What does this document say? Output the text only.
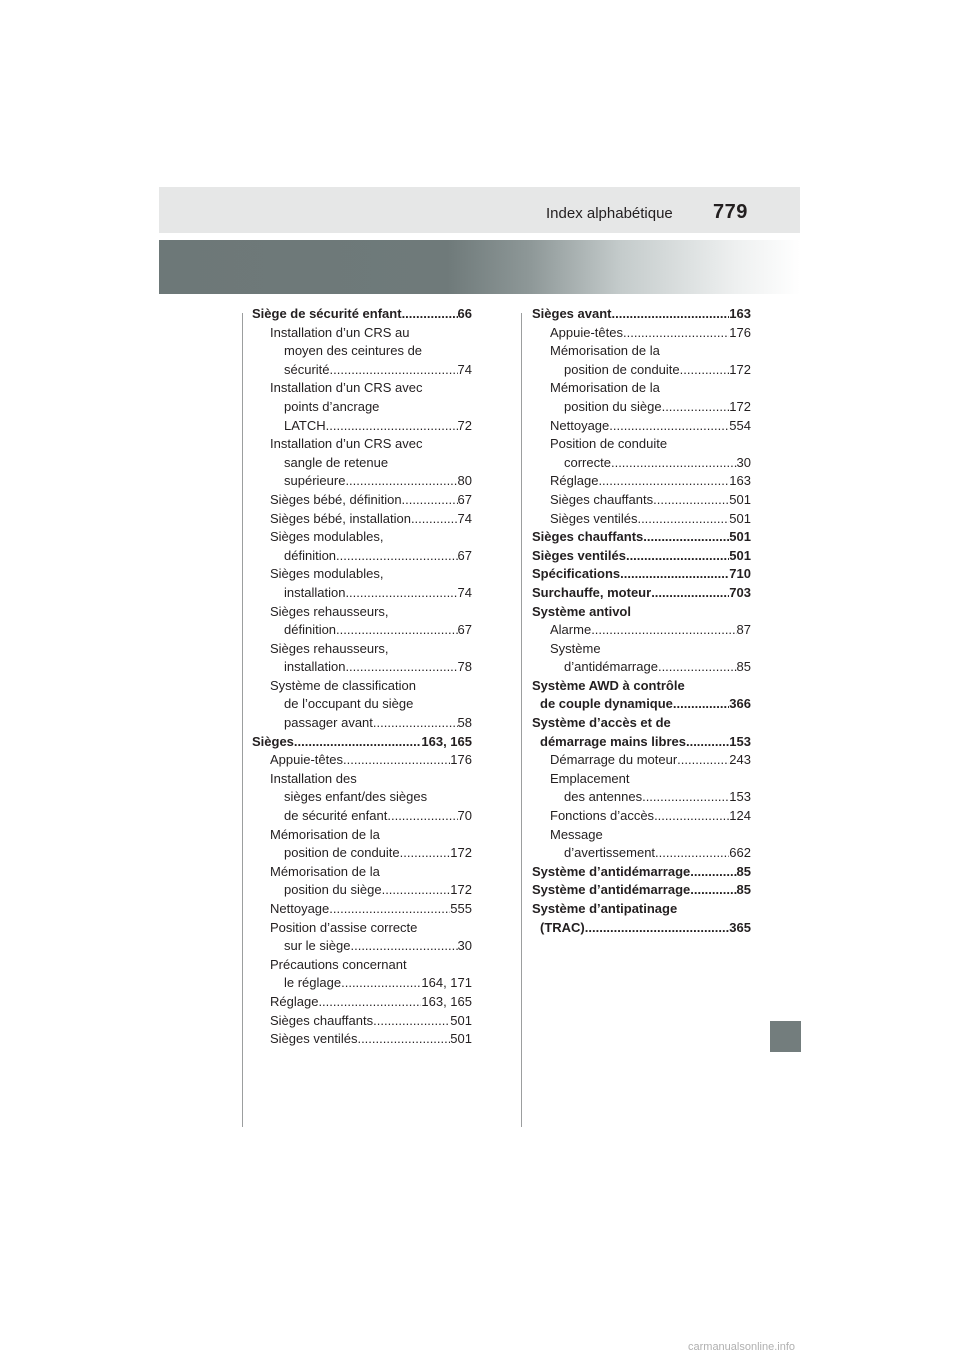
Index alphabétique 779
Siège de sécurité enfant .....	66
Installation d’un CRS au
moyen des ceintures de
sécurité .....	74
Installation d’un CRS avec
points d’ancrage
LATCH .....	72
Installation d’un CRS avec
sangle de retenue
supérieure .....	80
Sièges bébé, définition .....	67
Sièges bébé, installation .....	74
Sièges modulables,
définition .....	67
Sièges modulables,
installation .....	74
Sièges rehausseurs,
définition .....	67
Sièges rehausseurs,
installation .....	78
Système de classification
de l’occupant du siège
passager avant .....	58
Sièges .....	163, 165
Appuie-têtes .....	176
Installation des
sièges enfant/des sièges
de sécurité enfant .....	70
Mémorisation de la
position de conduite .....	172
Mémorisation de la
position du siège .....	172
Nettoyage .....	555
Position d’assise correcte
sur le siège .....	30
Précautions concernant
le réglage .....	164, 171
Réglage .....	163, 165
Sièges chauffants .....	501
Sièges ventilés .....	501
Sièges avant .....	163
Appuie-têtes .....	176
Mémorisation de la
position de conduite .....	172
Mémorisation de la
position du siège .....	172
Nettoyage .....	554
Position de conduite
correcte .....	30
Réglage .....	163
Sièges chauffants .....	501
Sièges ventilés .....	501
Sièges chauffants .....	501
Sièges ventilés .....	501
Spécifications .....	710
Surchauffe, moteur .....	703
Système antivol
Alarme .....	87
Système
d’antidémarrage .....	85
Système AWD à contrôle
de couple dynamique .....	366
Système d’accès et de
démarrage mains libres .....	153
Démarrage du moteur .....	243
Emplacement
des antennes .....	153
Fonctions d’accès .....	124
Message
d’avertissement .....	662
Système d’antidémarrage .....	85
Système d’antidémarrage .....	85
Système d’antipatinage
(TRAC) .....	365
carmanualsonline.info
